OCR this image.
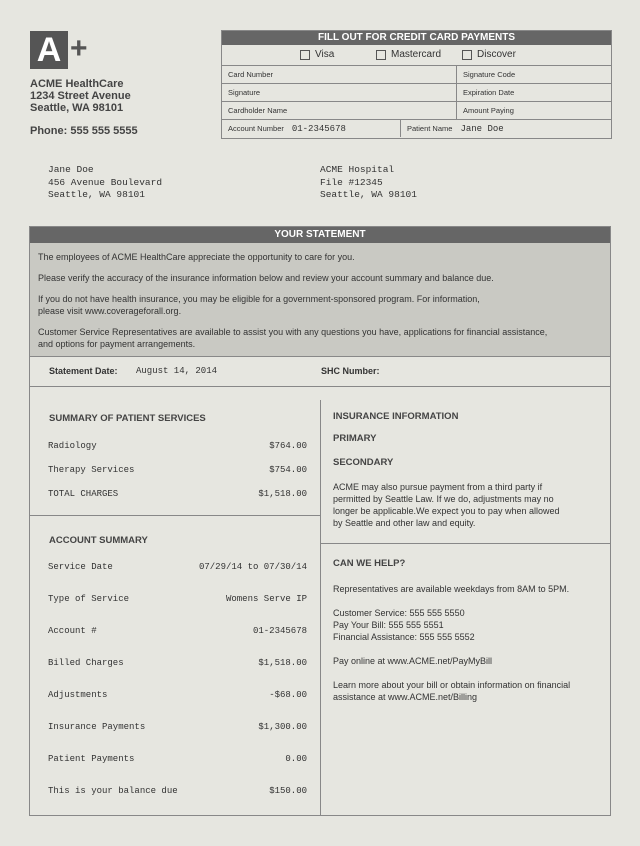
A +
ACME HealthCare
1234 Street Avenue
Seattle, WA 98101
Phone: 555 555 5555
FILL OUT FOR CREDIT CARD PAYMENTS
Visa	Mastercard	Discover
Card Number	Signature Code
Signature	Expiration Date
Cardholder Name	Amount Paying
Account Number 01-2345678	Patient Name Jane Doe
Jane Doe
456 Avenue Boulevard
Seattle, WA 98101
ACME Hospital
File #12345
Seattle, WA 98101
YOUR STATEMENT

The employees of ACME HealthCare appreciate the opportunity to care for you.

Please verify the accuracy of the insurance information below and review your account summary and balance due.

If you do not have health insurance, you may be eligible for a government-sponsored program. For information,
please visit www.coverageforall.org.

Customer Service Representatives are available to assist you with any questions you have, applications for financial assistance,
and options for payment arrangements.

Statement Date: August 14, 2014	SHC Number:
SUMMARY OF PATIENT SERVICES
Radiology	$764.00
Therapy Services	$754.00
TOTAL CHARGES	$1,518.00
ACCOUNT SUMMARY
Service Date	07/29/14 to 07/30/14
Type of Service	Womens Serve IP
Account #	01-2345678
Billed Charges	$1,518.00
Adjustments	-$68.00
Insurance Payments	$1,300.00
Patient Payments	0.00
This is your balance due	$150.00
INSURANCE INFORMATION
PRIMARY
SECONDARY
ACME may also pursue payment from a third party if
permitted by Seattle Law. If we do, adjustments may no
longer be applicable.We expect you to pay when allowed
by Seattle and other law and equity.
CAN WE HELP?
Representatives are available weekdays from 8AM to 5PM.
Customer Service: 555 555 5550
Pay Your Bill: 555 555 5551
Financial Assistance: 555 555 5552
Pay online at www.ACME.net/PayMyBill
Learn more about your bill or obtain information on financial
assistance at www.ACME.net/Billing
